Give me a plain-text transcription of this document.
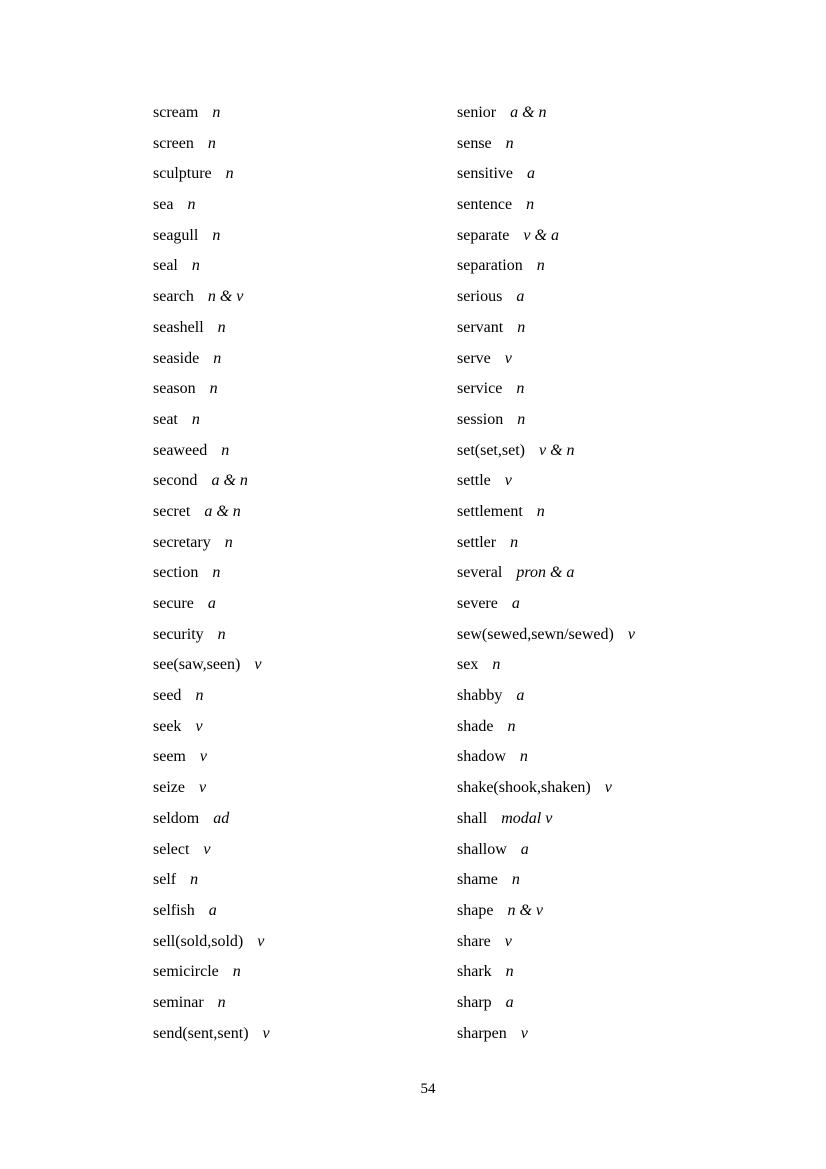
scream n
screen n
sculpture n
sea n
seagull n
seal n
search n & v
seashell n
seaside n
season n
seat n
seaweed n
second a & n
secret a & n
secretary n
section n
secure a
security n
see(saw,seen) v
seed n
seek v
seem v
seize v
seldom ad
select v
self n
selfish a
sell(sold,sold) v
semicircle n
seminar n
send(sent,sent) v
senior a & n
sense n
sensitive a
sentence n
separate v & a
separation n
serious a
servant n
serve v
service n
session n
set(set,set) v & n
settle v
settlement n
settler n
several pron & a
severe a
sew(sewed,sewn/sewed) v
sex n
shabby a
shade n
shadow n
shake(shook,shaken) v
shall modal v
shallow a
shame n
shape n & v
share v
shark n
sharp a
sharpen v
54
